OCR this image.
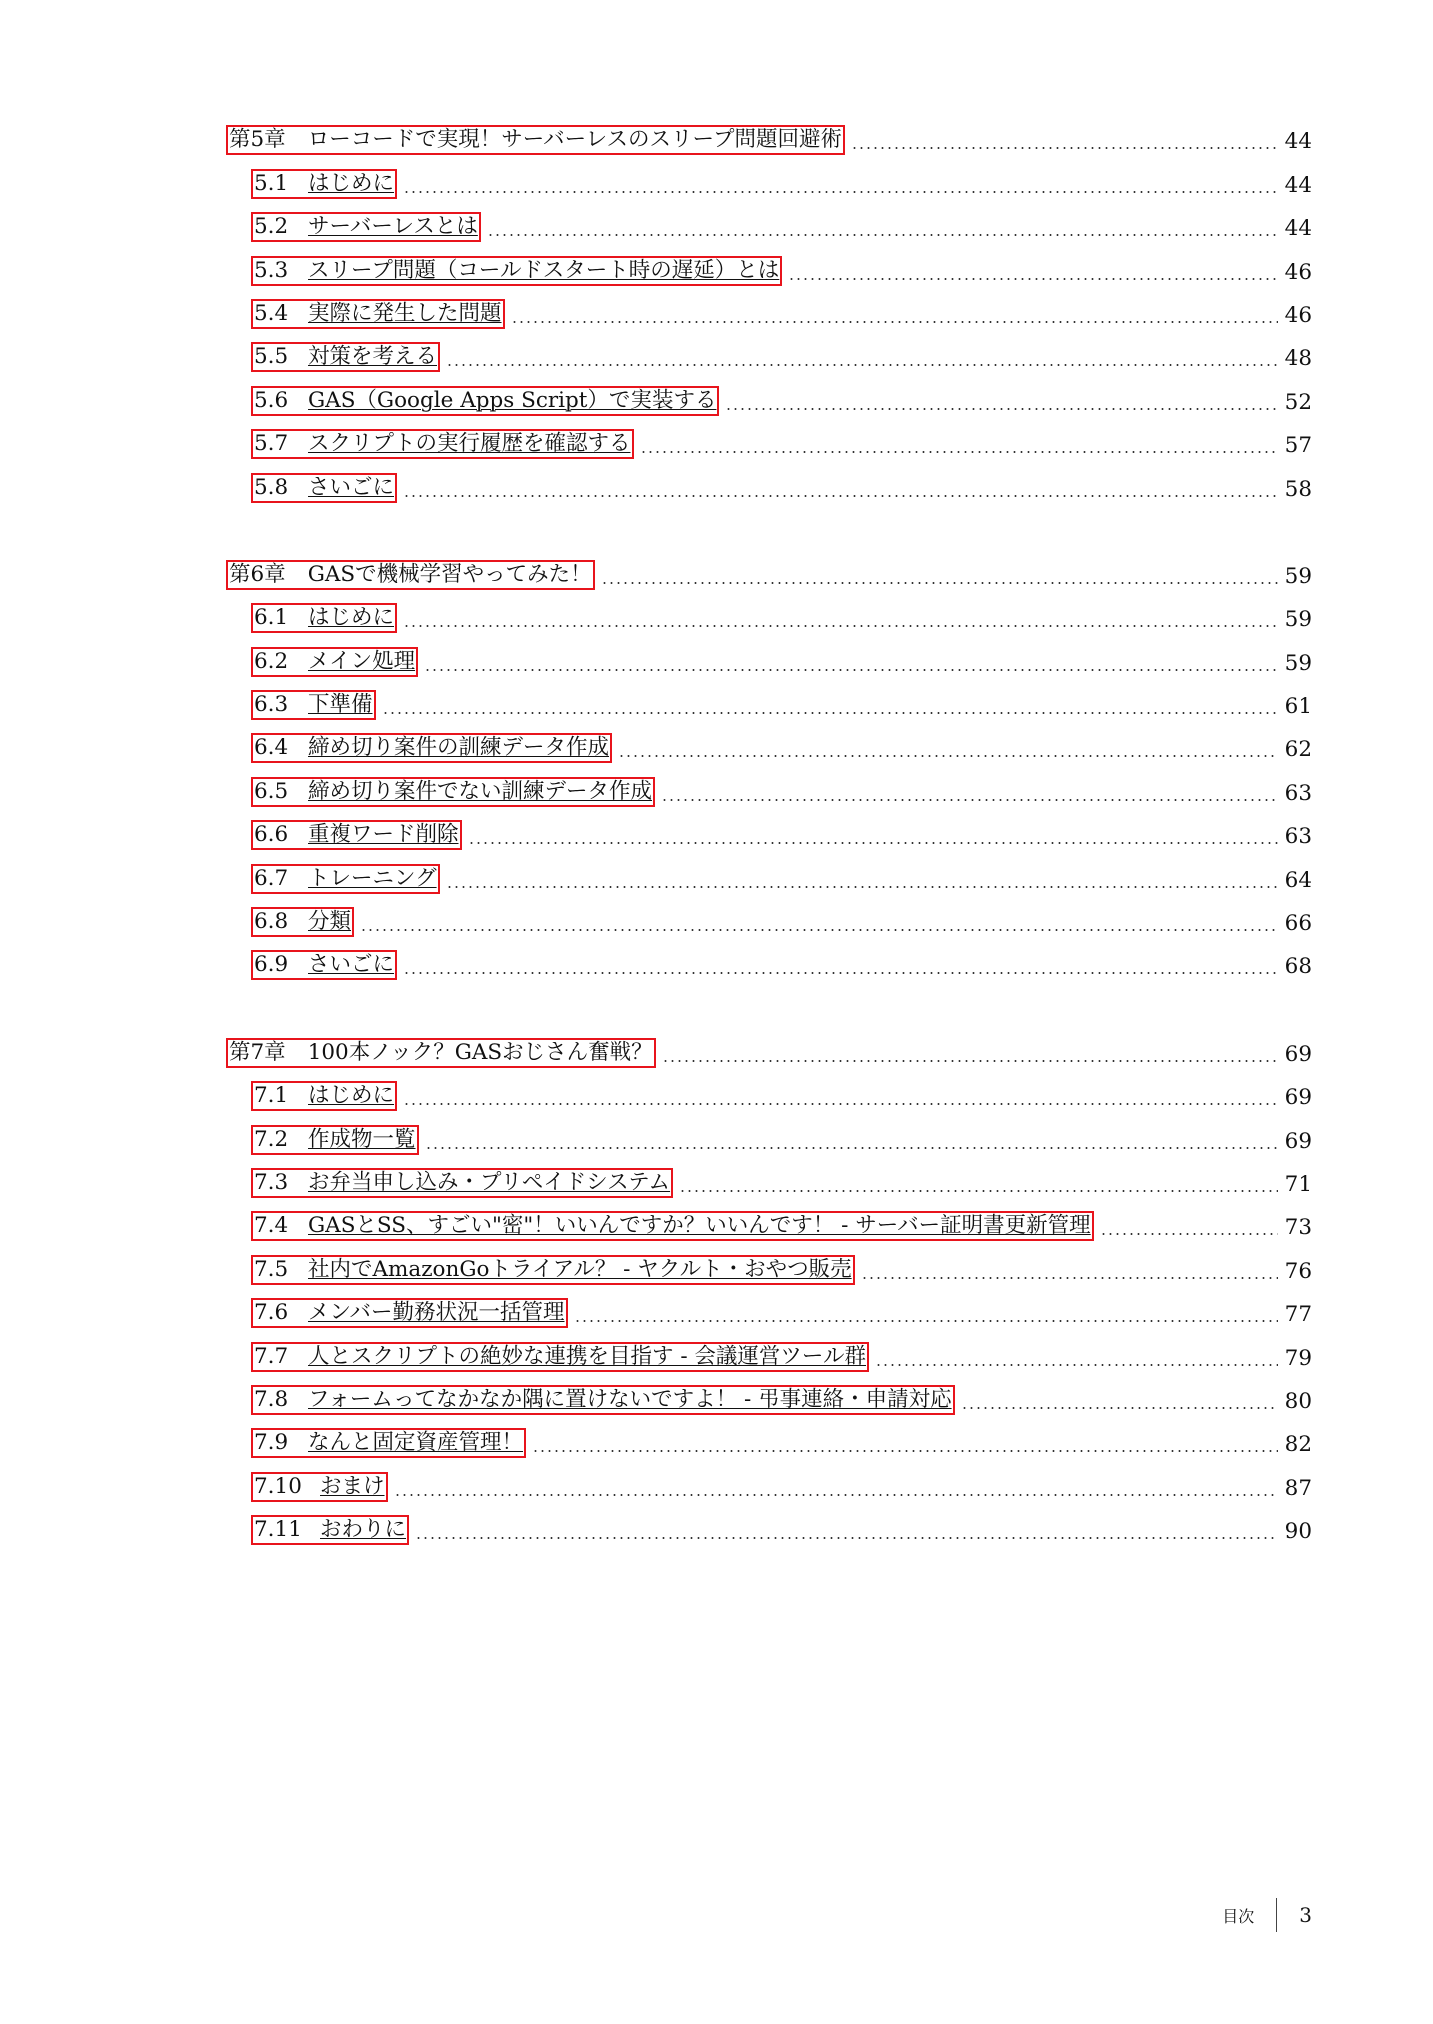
第5章 ローコードで実現！サーバーレスのスリープ問題回避術	44
5.1 はじめに	44
5.2 サーバーレスとは	44
5.3 スリープ問題（コールドスタート時の遅延）とは	46
5.4 実際に発生した問題	46
5.5 対策を考える	48
5.6 GAS（Google Apps Script）で実装する	52
5.7 スクリプトの実行履歴を確認する	57
5.8 さいごに	58
第6章 GASで機械学習やってみた！	59
6.1 はじめに	59
6.2 メイン処理	59
6.3 下準備	61
6.4 締め切り案件の訓練データ作成	62
6.5 締め切り案件でない訓練データ作成	63
6.6 重複ワード削除	63
6.7 トレーニング	64
6.8 分類	66
6.9 さいごに	68
第7章 100本ノック？GASおじさん奮戦？	69
7.1 はじめに	69
7.2 作成物一覧	69
7.3 お弁当申し込み・プリペイドシステム	71
7.4 GASとSS、すごい"密"！いいんですか？いいんです！ - サーバー証明書更新管理	73
7.5 社内でAmazonGoトライアル？ - ヤクルト・おやつ販売	76
7.6 メンバー勤務状況一括管理	77
7.7 人とスクリプトの絶妙な連携を目指す - 会議運営ツール群	79
7.8 フォームってなかなか隅に置けないですよ！ - 弔事連絡・申請対応	80
7.9 なんと固定資産管理！	82
7.10 おまけ	87
7.11 おわりに	90
目次 3
